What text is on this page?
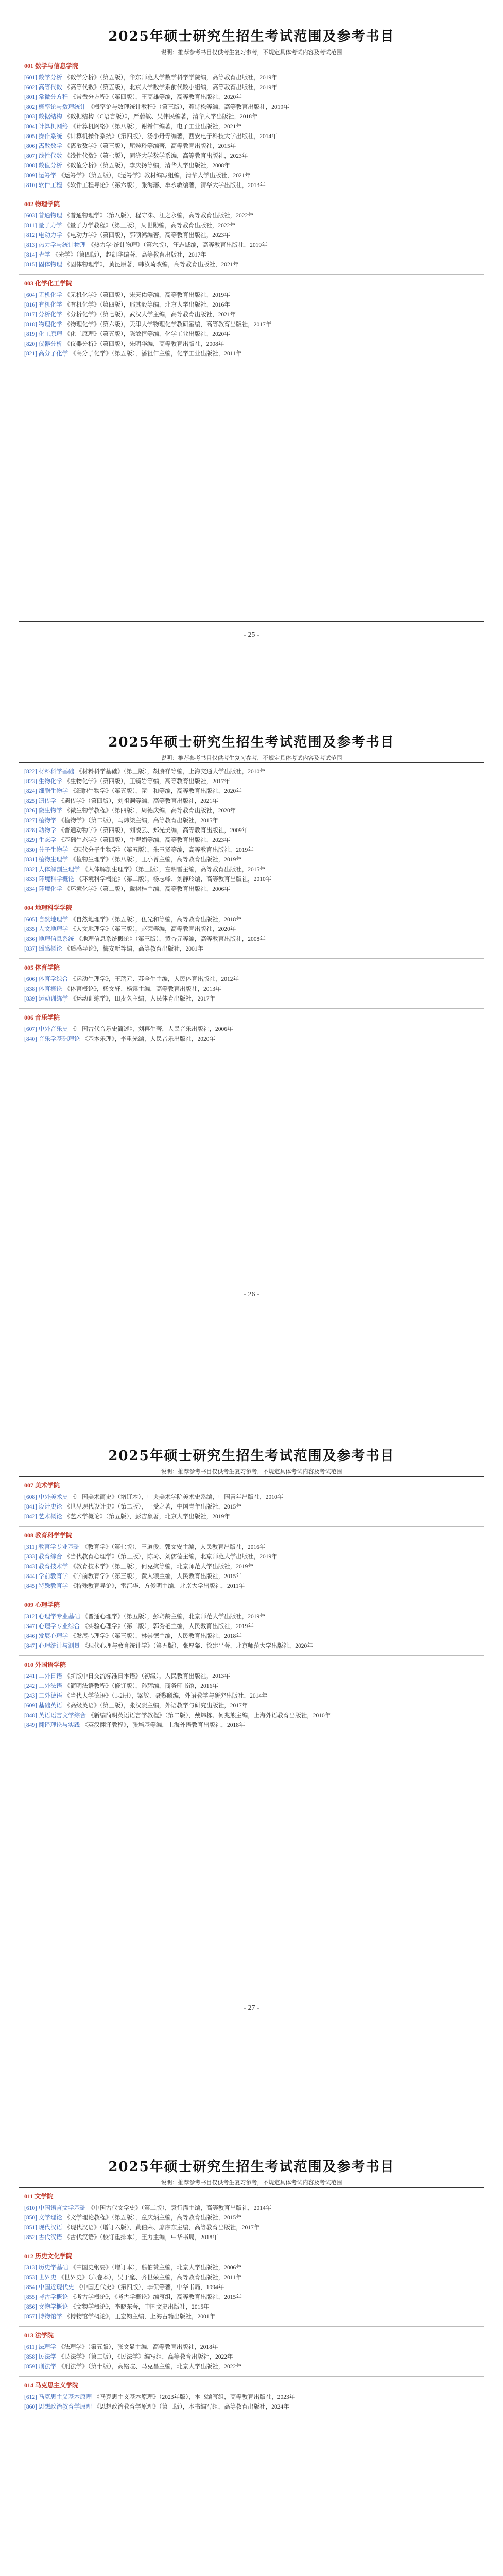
2025年硕士研究生招生考试范围及参考书目
说明：推荐参考书目仅供考生复习参考，不规定具体考试内容及考试范围
001 数学与信息学院

[601] 数学分析 《数学分析》（第五版），华东师范大学数学科学学院编，高等教育出版社，2019年

[602] 高等代数 《高等代数》（第五版），北京大学数学系前代数小组编，高等教育出版社，2019年

[801] 常微分方程 《常微分方程》（第四版），王高雄等编，高等教育出版社，2020年

[802] 概率论与数理统计 《概率论与数理统计教程》（第三版），茆诗松等编，高等教育出版社，2019年

[803] 数据结构 《数据结构（C语言版）》，严蔚敏、吴伟民编著，清华大学出版社，2018年

[804] 计算机网络 《计算机网络》（第八版），谢希仁编著，电子工业出版社，2021年

[805] 操作系统 《计算机操作系统》（第四版），汤小丹等编著，西安电子科技大学出版社，2014年

[806] 离散数学 《离散数学》（第三版），屈婉玲等编著，高等教育出版社，2015年

[807] 线性代数 《线性代数》（第七版），同济大学数学系编，高等教育出版社，2023年

[808] 数值分析 《数值分析》（第五版），李庆扬等编，清华大学出版社，2008年

[809] 运筹学 《运筹学》（第五版），《运筹学》教材编写组编，清华大学出版社，2021年

[810] 软件工程 《软件工程导论》（第六版），张海藩、牟永敏编著，清华大学出版社，2013年

002 物理学院

[603] 普通物理 《普通物理学》（第八版），程守洙、江之永编，高等教育出版社，2022年

[811] 量子力学 《量子力学教程》（第三版），周世勋编，高等教育出版社，2022年

[812] 电动力学 《电动力学》（第四版），郭硕鸿编著，高等教育出版社，2023年

[813] 热力学与统计物理 《热力学·统计物理》（第六版），汪志诚编，高等教育出版社，2019年

[814] 光学 《光学》（第四版），赵凯华编著，高等教育出版社，2017年

[815] 固体物理 《固体物理学》，黄昆原著，韩汝琦改编，高等教育出版社，2021年

003 化学化工学院

[604] 无机化学 《无机化学》（第四版），宋天佑等编，高等教育出版社，2019年

[816] 有机化学 《有机化学》（第四版），邢其毅等编，北京大学出版社，2016年

[817] 分析化学 《分析化学》（第七版），武汉大学主编，高等教育出版社，2021年

[818] 物理化学 《物理化学》（第六版），天津大学物理化学教研室编，高等教育出版社，2017年

[819] 化工原理 《化工原理》（第五版），陈敏恒等编，化学工业出版社，2020年

[820] 仪器分析 《仪器分析》（第四版），朱明华编，高等教育出版社，2008年

[821] 高分子化学 《高分子化学》（第五版），潘祖仁主编，化学工业出版社，2011年

- 25 -
2025年硕士研究生招生考试范围及参考书目
说明：推荐参考书目仅供考生复习参考，不规定具体考试内容及考试范围

[822] 材料科学基础 《材料科学基础》（第三版），胡赓祥等编，上海交通大学出版社，2010年

[823] 生物化学 《生物化学》（第四版），王镜岩等编，高等教育出版社，2017年

[824] 细胞生物学 《细胞生物学》（第五版），翟中和等编，高等教育出版社，2020年

[825] 遗传学 《遗传学》（第四版），刘祖洞等编，高等教育出版社，2021年

[826] 微生物学 《微生物学教程》（第四版），周德庆编，高等教育出版社，2020年

[827] 植物学 《植物学》（第二版），马炜梁主编，高等教育出版社，2015年

[828] 动物学 《普通动物学》（第四版），刘凌云、郑光美编，高等教育出版社，2009年

[829] 生态学 《基础生态学》（第四版），牛翠娟等编，高等教育出版社，2023年

[830] 分子生物学 《现代分子生物学》（第五版），朱玉贤等编，高等教育出版社，2019年

[831] 植物生理学 《植物生理学》（第八版），王小菁主编，高等教育出版社，2019年

[832] 人体解剖生理学 《人体解剖生理学》（第三版），左明雪主编，高等教育出版社，2015年

[833] 环境科学概论 《环境科学概论》（第二版），杨志峰、刘静玲编，高等教育出版社，2010年

[834] 环境化学 《环境化学》（第二版），戴树桂主编，高等教育出版社，2006年

004 地理科学学院

[605] 自然地理学 《自然地理学》（第五版），伍光和等编，高等教育出版社，2018年

[835] 人文地理学 《人文地理学》（第三版），赵荣等编，高等教育出版社，2020年

[836] 地理信息系统 《地理信息系统概论》（第三版），黄杏元等编，高等教育出版社，2008年

[837] 遥感概论 《遥感导论》，梅安新等编，高等教育出版社，2001年

005 体育学院

[606] 体育学综合 《运动生理学》，王瑞元、苏全生主编，人民体育出版社，2012年

[838] 体育概论 《体育概论》，杨文轩、杨霆主编，高等教育出版社，2013年

[839] 运动训练学 《运动训练学》，田麦久主编，人民体育出版社，2017年

006 音乐学院

[607] 中外音乐史 《中国古代音乐史简述》，刘再生著，人民音乐出版社，2006年

[840] 音乐学基础理论 《基本乐理》，李重光编，人民音乐出版社，2020年

- 26 -
2025年硕士研究生招生考试范围及参考书目
说明：推荐参考书目仅供考生复习参考，不规定具体考试内容及考试范围
007 美术学院

[608] 中外美术史 《中国美术简史》（增订本），中央美术学院美术史系编，中国青年出版社，2010年

[841] 设计史论 《世界现代设计史》（第二版），王受之著，中国青年出版社，2015年

[842] 艺术概论 《艺术学概论》（第五版），彭吉象著，北京大学出版社，2019年

008 教育科学学院

[311] 教育学专业基础 《教育学》（第七版），王道俊、郭文安主编，人民教育出版社，2016年

[333] 教育综合 《当代教育心理学》（第三版），陈琦、刘儒德主编，北京师范大学出版社，2019年

[843] 教育技术学 《教育技术学》（第三版），何克抗等编，北京师范大学出版社，2019年

[844] 学前教育学 《学前教育学》（第三版），黄人颂主编，人民教育出版社，2015年

[845] 特殊教育学 《特殊教育导论》，雷江华、方俊明主编，北京大学出版社，2011年

009 心理学院

[312] 心理学专业基础 《普通心理学》（第五版），彭聃龄主编，北京师范大学出版社，2019年

[347] 心理学专业综合 《实验心理学》（第二版），郭秀艳主编，人民教育出版社，2019年

[846] 发展心理学 《发展心理学》（第三版），林崇德主编，人民教育出版社，2018年

[847] 心理统计与测量 《现代心理与教育统计学》（第五版），张厚粲、徐建平著，北京师范大学出版社，2020年

010 外国语学院

[241] 二外日语 《新版中日交流标准日本语》（初级），人民教育出版社，2013年

[242] 二外法语 《简明法语教程》（修订版），孙辉编，商务印书馆，2016年

[243] 二外德语 《当代大学德语》（1-2册），梁敏、聂黎曦编，外语教学与研究出版社，2014年

[609] 基础英语 《高级英语》（第三版），张汉熙主编，外语教学与研究出版社，2017年

[848] 英语语言文学综合 《新编简明英语语言学教程》（第二版），戴炜栋、何兆熊主编，上海外语教育出版社，2010年

[849] 翻译理论与实践 《英汉翻译教程》，张培基等编，上海外语教育出版社，2018年

- 27 -
2025年硕士研究生招生考试范围及参考书目
说明：推荐参考书目仅供考生复习参考，不规定具体考试内容及考试范围
011 文学院

[610] 中国语言文学基础 《中国古代文学史》（第二版），袁行霈主编，高等教育出版社，2014年

[850] 文学理论 《文学理论教程》（第五版），童庆炳主编，高等教育出版社，2015年

[851] 现代汉语 《现代汉语》（增订六版），黄伯荣、廖序东主编，高等教育出版社，2017年

[852] 古代汉语 《古代汉语》（校订重排本），王力主编，中华书局，2018年

012 历史文化学院

[313] 历史学基础 《中国史纲要》（增订本），翦伯赞主编，北京大学出版社，2006年

[853] 世界史 《世界史》（六卷本），吴于廑、齐世荣主编，高等教育出版社，2011年

[854] 中国近现代史 《中国近代史》（第四版），李侃等著，中华书局，1994年

[855] 考古学概论 《考古学概论》，《考古学概论》编写组，高等教育出版社，2015年

[856] 文物学概论 《文物学概论》，李晓东著，中国文史出版社，2015年

[857] 博物馆学 《博物馆学概论》，王宏钧主编，上海古籍出版社，2001年

013 法学院

[611] 法理学 《法理学》（第五版），张文显主编，高等教育出版社，2018年

[858] 民法学 《民法学》（第二版），《民法学》编写组，高等教育出版社，2022年

[859] 刑法学 《刑法学》（第十版），高铭暄、马克昌主编，北京大学出版社，2022年

014 马克思主义学院

[612] 马克思主义基本原理 《马克思主义基本原理》（2023年版），本书编写组，高等教育出版社，2023年

[860] 思想政治教育学原理 《思想政治教育学原理》（第三版），本书编写组，高等教育出版社，2024年
